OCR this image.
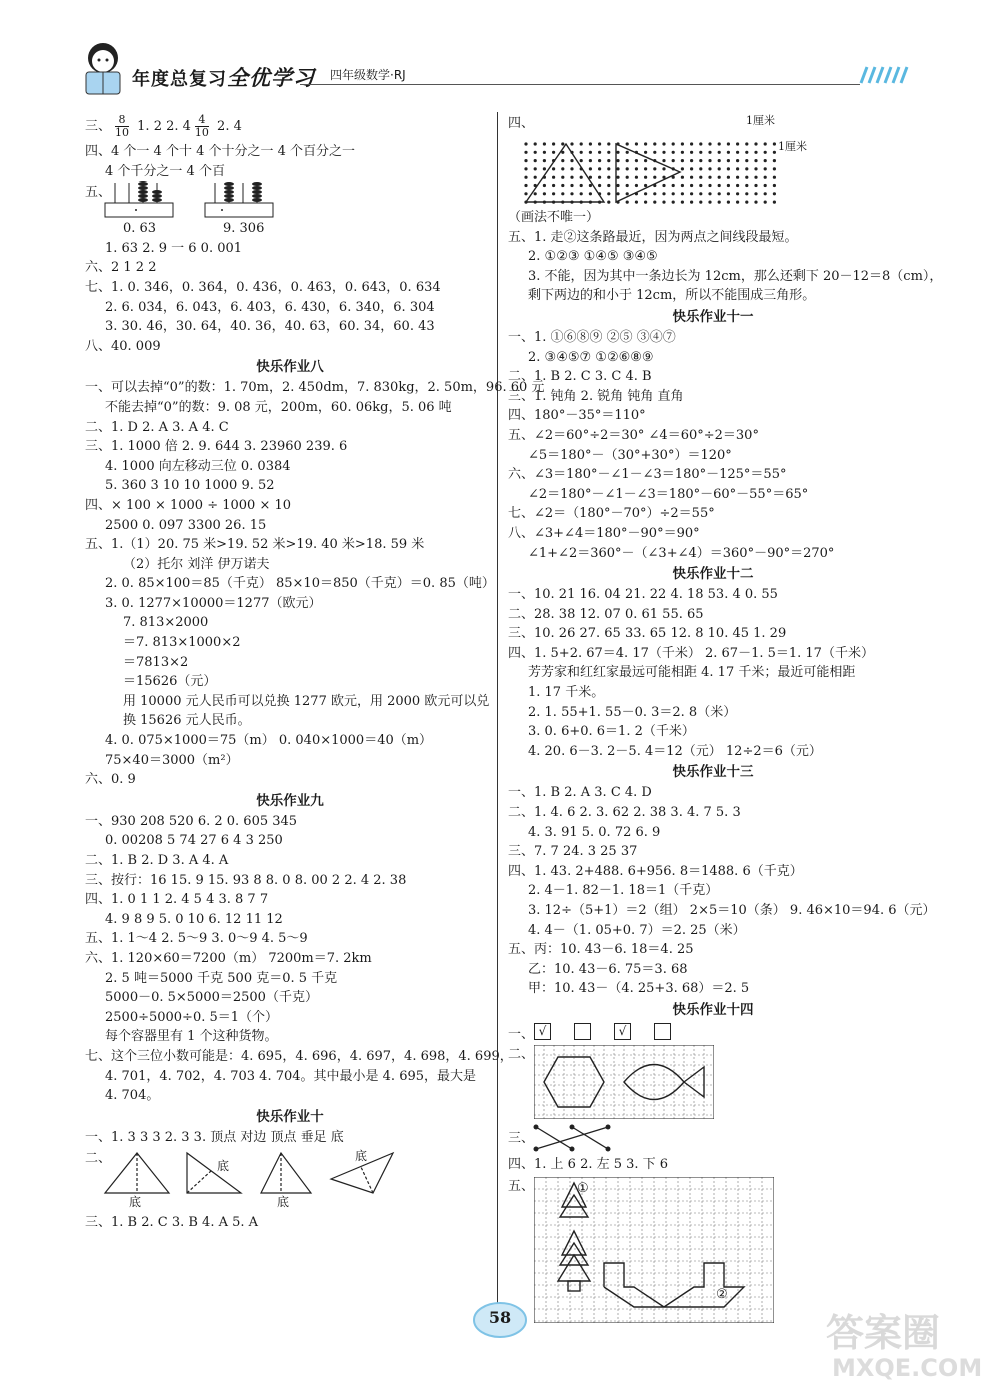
年度总复习全优学习 四年级数学·RJ
三、 $\frac{8}{10} 1$. 2 2. $4 \frac{4}{10} 2$. 4
四、4 个一 4 个十 4 个十分之一 4 个百分之一
4 个千分之一 4 个百
五、
0. 63	9. 306
1. 63 2. 9 一 6 0. 001
六、2 1 2 2
七、1. 0. 346，0. 364，0. 436，0. 463，0. 643，0. 634
2. 6. 034，6. 043，6. 403，6. 430，6. 340，6. 304
3. 30. 46，30. 64，40. 36，40. 63，60. 34，60. 43
八、40. 009
快乐作业八
一、可以去掉“0”的数：1. 70m，2. 450dm，7. 830kg，2. 50m，96. 60 元
不能去掉“0”的数：9. 08 元，200m，60. 06kg，5. 06 吨
二、1. D 2. A 3. A 4. C
三、1. 1000 倍 2. 9. 644 3. 23960 239. 6
4. 1000 向左移动三位 0. 0384
5. 360 3 10 10 1000 9. 52
四、× 100 × 1000 ÷ 1000 × 10
2500 0. 097 3300 26. 15
五、1.（1）20. 75 米>19. 52 米>19. 40 米>18. 59 米
（2）托尔 刘洋 伊万诺夫
2. 0. 85×100＝85（千克） 85×10＝850（千克）＝0. 85（吨）
3. 0. 1277×10000＝1277（欧元）
7. 813×2000
＝7. 813×1000×2
＝7813×2
＝15626（元）
用 10000 元人民币可以兑换 1277 欧元，用 2000 欧元可以兑
换 15626 元人民币。
4. 0. 075×1000＝75（m） 0. 040×1000＝40（m）
75×40＝3000（m²）
六、0. 9
快乐作业九
一、930 208 520 6. 2 0. 605 345
0. 00208 5 74 27 6 4 3 250
二、1. B 2. D 3. A 4. A
三、按行：16 15. 9 15. 93 8 8. 0 8. 00 2 2. 4 2. 38
四、1. 0 1 1 2. 4 5 4 3. 8 7 7
4. 9 8 9 5. 0 10 6. 12 11 12
五、1. 1～4 2. 5～9 3. 0～9 4. 5～9
六、1. 120×60＝7200（m） 7200m＝7. 2km
2. 5 吨＝5000 千克 500 克＝0. 5 千克
5000－0. 5×5000＝2500（千克）
2500÷5000÷0. 5＝1（个）
每个容器里有 1 个这种货物。
七、这个三位小数可能是：4. 695，4. 696，4. 697，4. 698，4. 699，
4. 701，4. 702，4. 703 4. 704。其中最小是 4. 695，最大是
4. 704。
快乐作业十
一、1. 3 3 3 2. 3 3. 顶点 对边 顶点 垂足 底
二、
底
底
底
底
三、1. B 2. C 3. B 4. A 5. A
四、	1厘米
1厘米
（画法不唯一）
五、1. 走②这条路最近，因为两点之间线段最短。
2. ①②③ ①④⑤ ③④⑤
3. 不能，因为其中一条边长为 12cm，那么还剩下 20－12＝8（cm），
剩下两边的和小于 12cm，所以不能围成三角形。
快乐作业十一
一、1. ①⑥⑧⑨ ②⑤ ③④⑦
2. ③④⑤⑦ ①②⑥⑧⑨
二、1. B 2. C 3. C 4. B
三、1. 钝角 2. 锐角 钝角 直角
四、180°－35°＝110°
五、∠2＝60°÷2＝30° ∠4＝60°÷2＝30°
∠5＝180°－（30°+30°）＝120°
六、∠3＝180°－∠1－∠3＝180°－125°＝55°
∠2＝180°－∠1－∠3＝180°－60°－55°＝65°
七、∠2＝（180°－70°）÷2＝55°
八、∠3+∠4＝180°－90°＝90°
∠1+∠2＝360°－（∠3+∠4）＝360°－90°＝270°
快乐作业十二
一、10. 21 16. 04 21. 22 4. 18 53. 4 0. 55
二、28. 38 12. 07 0. 61 55. 65
三、10. 26 27. 65 33. 65 12. 8 10. 45 1. 29
四、1. 5+2. 67＝4. 17（千米） 2. 67－1. 5＝1. 17（千米）
芳芳家和红红家最远可能相距 4. 17 千米；最近可能相距
1. 17 千米。
2. 1. 55+1. 55－0. 3＝2. 8（米）
3. 0. 6+0. 6＝1. 2（千米）
4. 20. 6－3. 2－5. 4＝12（元） 12÷2＝6（元）
快乐作业十三
一、1. B 2. A 3. C 4. D
二、1. 4. 6 2. 3. 62 2. 38 3. 4. 7 5. 3
4. 3. 91 5. 0. 72 6. 9
三、7. 7 24. 3 25 37
四、1. 43. 2+488. 6+956. 8＝1488. 6（千克）
2. 4－1. 82－1. 18＝1（千克）
3. 12÷（5+1）＝2（组） 2×5＝10（条） 9. 46×10＝94. 6（元）
4. 4－（1. 05+0. 7）＝2. 25（米）
五、丙：10. 43－6. 18＝4. 25
乙：10. 43－6. 75＝3. 68
甲：10. 43－（4. 25+3. 68）＝2. 5
快乐作业十四
一、 √	√
二、
三、
四、1. 上 6 2. 左 5 3. 下 6
五、	①
②
58	答案圈
MXQE.COM
